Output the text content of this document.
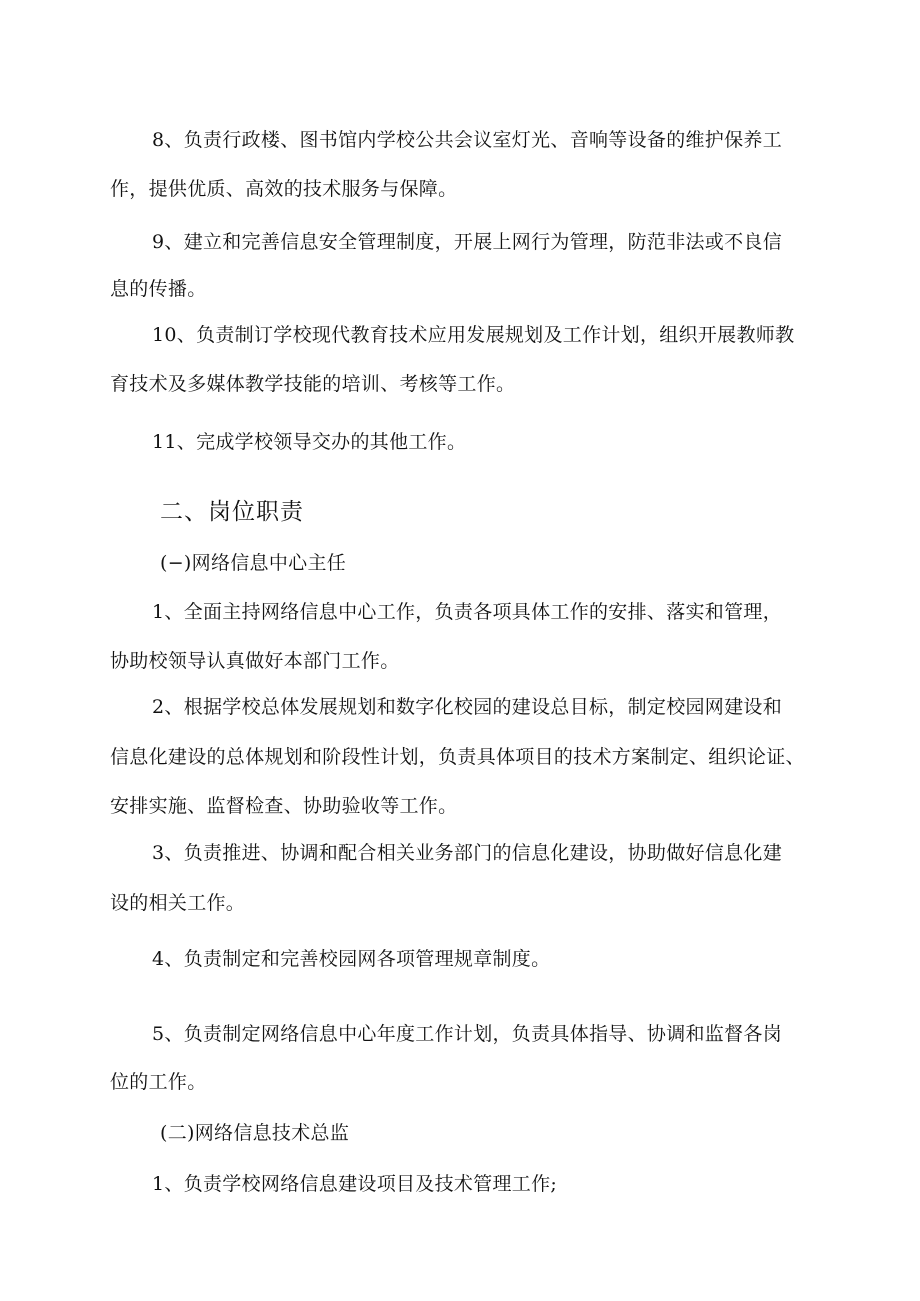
8、负责行政楼、图书馆内学校公共会议室灯光、音响等设备的维护保养工
作，提供优质、高效的技术服务与保障。
9、建立和完善信息安全管理制度，开展上网行为管理，防范非法或不良信
息的传播。
10、负责制订学校现代教育技术应用发展规划及工作计划，组织开展教师教
育技术及多媒体教学技能的培训、考核等工作。
11、完成学校领导交办的其他工作。
二、岗位职责
(−)网络信息中心主任
1、全面主持网络信息中心工作，负责各项具体工作的安排、落实和管理，
协助校领导认真做好本部门工作。
2、根据学校总体发展规划和数字化校园的建设总目标，制定校园网建设和
信息化建设的总体规划和阶段性计划，负责具体项目的技术方案制定、组织论证、
安排实施、监督检查、协助验收等工作。
3、负责推进、协调和配合相关业务部门的信息化建设，协助做好信息化建
设的相关工作。
4、负责制定和完善校园网各项管理规章制度。
5、负责制定网络信息中心年度工作计划，负责具体指导、协调和监督各岗
位的工作。
(二)网络信息技术总监
1、负责学校网络信息建设项目及技术管理工作;
